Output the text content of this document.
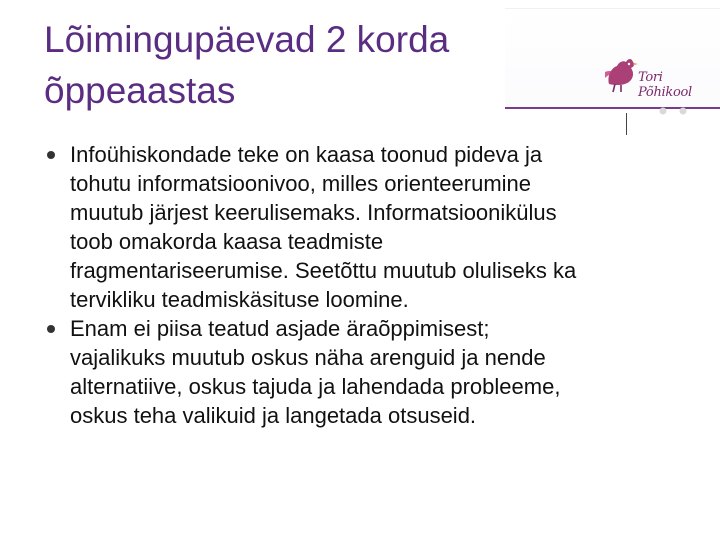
Lõimingupäevad 2 korda
õppeaastas	Tori Põhikool
Infoühiskondade teke on kaasa toonud pideva ja
tohutu informatsioonivoo, milles orienteerumine
muutub järjest keerulisemaks. Informatsioonikülus
toob omakorda kaasa teadmiste
fragmentariseerumise. Seetõttu muutub oluliseks ka
tervikliku teadmiskäsituse loomine.
Enam ei piisa teatud asjade äraõppimisest;
vajalikuks muutub oskus näha arenguid ja nende
alternatiive, oskus tajuda ja lahendada probleeme,
oskus teha valikuid ja langetada otsuseid.
